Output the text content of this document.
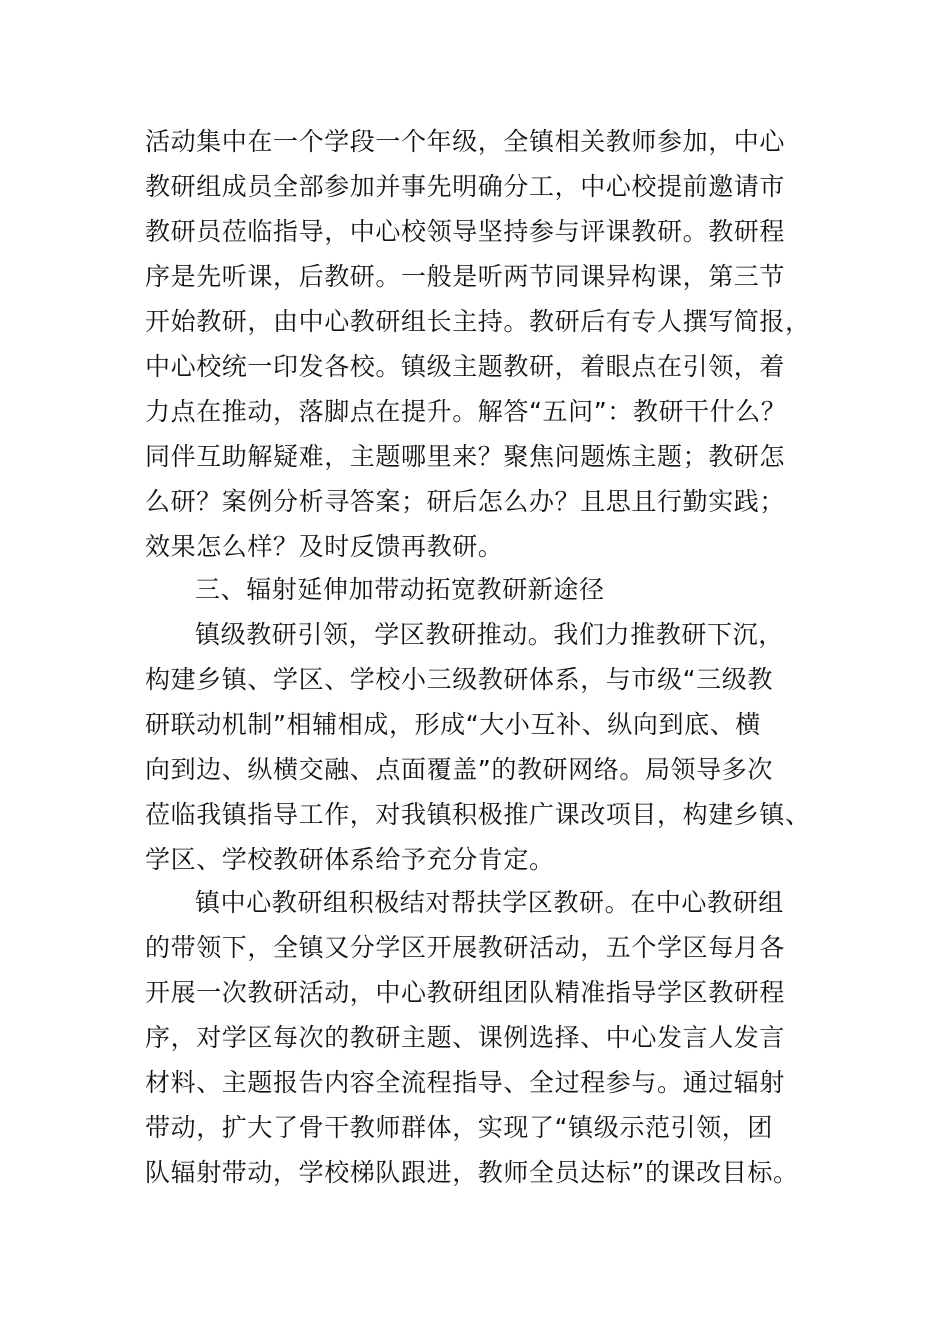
活动集中在一个学段一个年级，全镇相关教师参加，中心
教研组成员全部参加并事先明确分工，中心校提前邀请市
教研员莅临指导，中心校领导坚持参与评课教研。教研程
序是先听课，后教研。一般是听两节同课异构课，第三节
开始教研，由中心教研组长主持。教研后有专人撰写简报，
中心校统一印发各校。镇级主题教研，着眼点在引领，着
力点在推动，落脚点在提升。解答“五问”：教研干什么？
同伴互助解疑难，主题哪里来？聚焦问题炼主题；教研怎
么研？案例分析寻答案；研后怎么办？且思且行勤实践；
效果怎么样？及时反馈再教研。
三、辐射延伸加带动拓宽教研新途径
镇级教研引领，学区教研推动。我们力推教研下沉，
构建乡镇、学区、学校小三级教研体系，与市级“三级教
研联动机制”相辅相成，形成“大小互补、纵向到底、横
向到边、纵横交融、点面覆盖”的教研网络。局领导多次
莅临我镇指导工作，对我镇积极推广课改项目，构建乡镇、
学区、学校教研体系给予充分肯定。
镇中心教研组积极结对帮扶学区教研。在中心教研组
的带领下，全镇又分学区开展教研活动，五个学区每月各
开展一次教研活动，中心教研组团队精准指导学区教研程
序，对学区每次的教研主题、课例选择、中心发言人发言
材料、主题报告内容全流程指导、全过程参与。通过辐射
带动，扩大了骨干教师群体，实现了“镇级示范引领，团
队辐射带动，学校梯队跟进，教师全员达标”的课改目标。
